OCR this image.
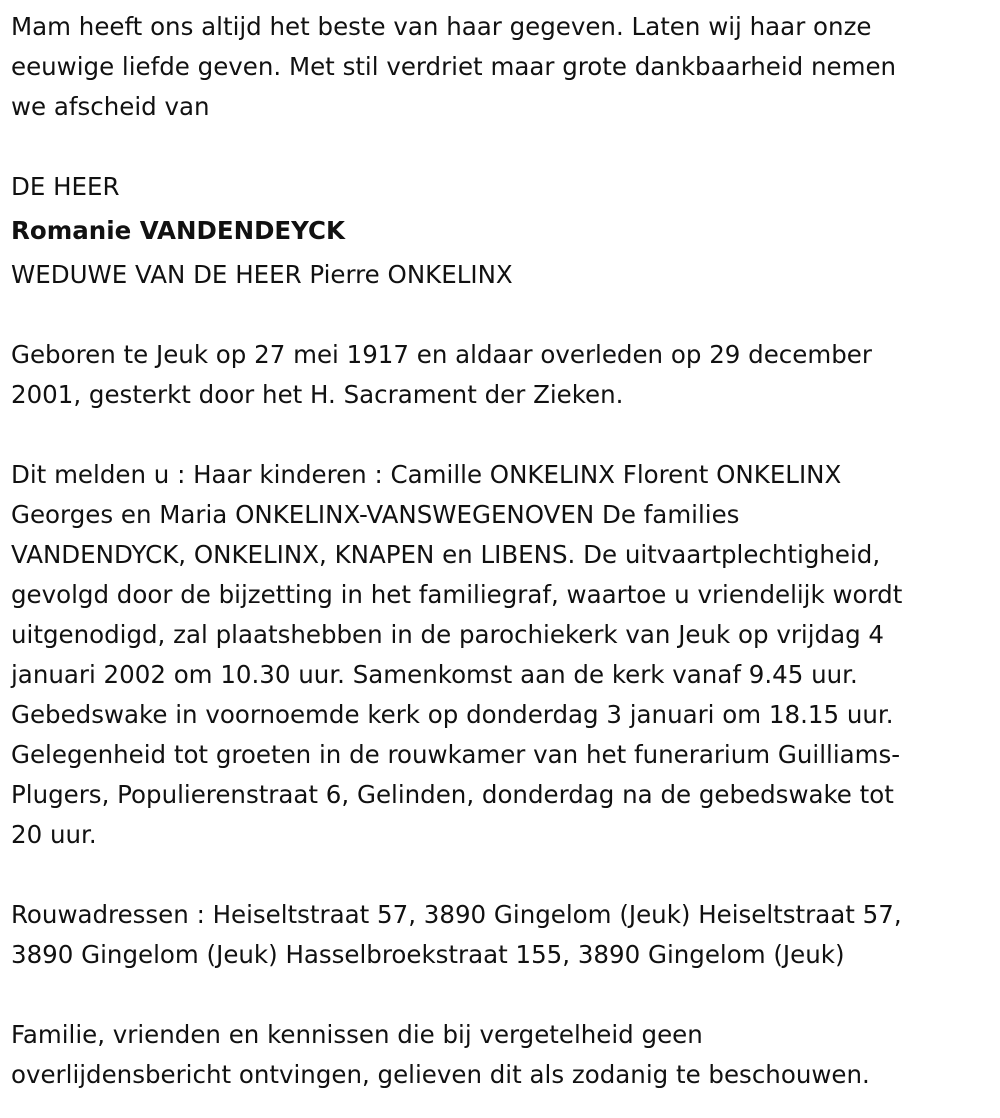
Mam heeft ons altijd het beste van haar gegeven. Laten wij haar onze
eeuwige liefde geven. Met stil verdriet maar grote dankbaarheid nemen
we afscheid van
DE HEER
Romanie VANDENDEYCK
WEDUWE VAN DE HEER Pierre ONKELINX
Geboren te Jeuk op 27 mei 1917 en aldaar overleden op 29 december
2001, gesterkt door het H. Sacrament der Zieken.
Dit melden u : Haar kinderen : Camille ONKELINX Florent ONKELINX
Georges en Maria ONKELINX-VANSWEGENOVEN De families
VANDENDYCK, ONKELINX, KNAPEN en LIBENS. De uitvaartplechtigheid,
gevolgd door de bijzetting in het familiegraf, waartoe u vriendelijk wordt
uitgenodigd, zal plaatshebben in de parochiekerk van Jeuk op vrijdag 4
januari 2002 om 10.30 uur. Samenkomst aan de kerk vanaf 9.45 uur.
Gebedswake in voornoemde kerk op donderdag 3 januari om 18.15 uur.
Gelegenheid tot groeten in de rouwkamer van het funerarium Guilliams-
Plugers, Populierenstraat 6, Gelinden, donderdag na de gebedswake tot
20 uur.
Rouwadressen : Heiseltstraat 57, 3890 Gingelom (Jeuk) Heiseltstraat 57,
3890 Gingelom (Jeuk) Hasselbroekstraat 155, 3890 Gingelom (Jeuk)
Familie, vrienden en kennissen die bij vergetelheid geen
overlijdensbericht ontvingen, gelieven dit als zodanig te beschouwen.
